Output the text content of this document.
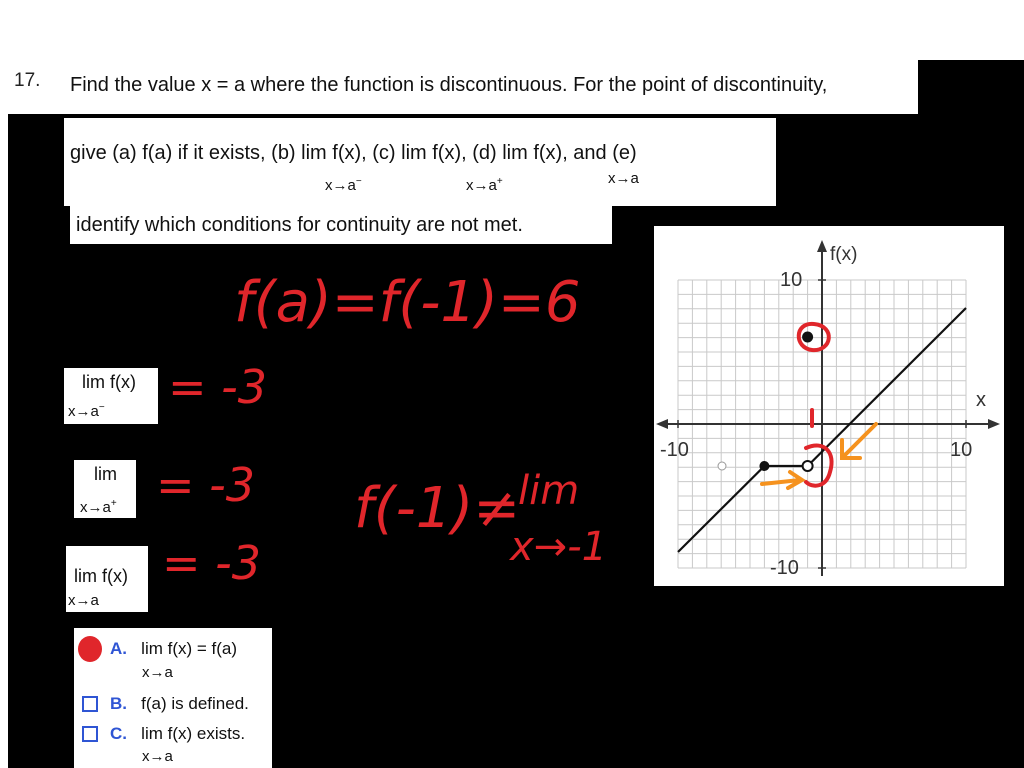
17. Find the value x = a where the function is discontinuous. For the point of discontinuity,
give (a) f(a) if it exists, (b) lim f(x), (c) lim f(x), (d) lim f(x), and (e)
x→a−	x→a+	x→a
identify which conditions for continuity are not met.
lim f(x)
x→a−
lim
x→a+
lim f(x)
x→a
A. lim f(x) = f(a)
x→a
B. f(a) is defined.
C. lim f(x) exists.
x→a
f(a)=f(-1)=6
= -3
= -3
= -3
f(-1)≠
lim
x→-1
-10	10
10
-10
f(x)
x
